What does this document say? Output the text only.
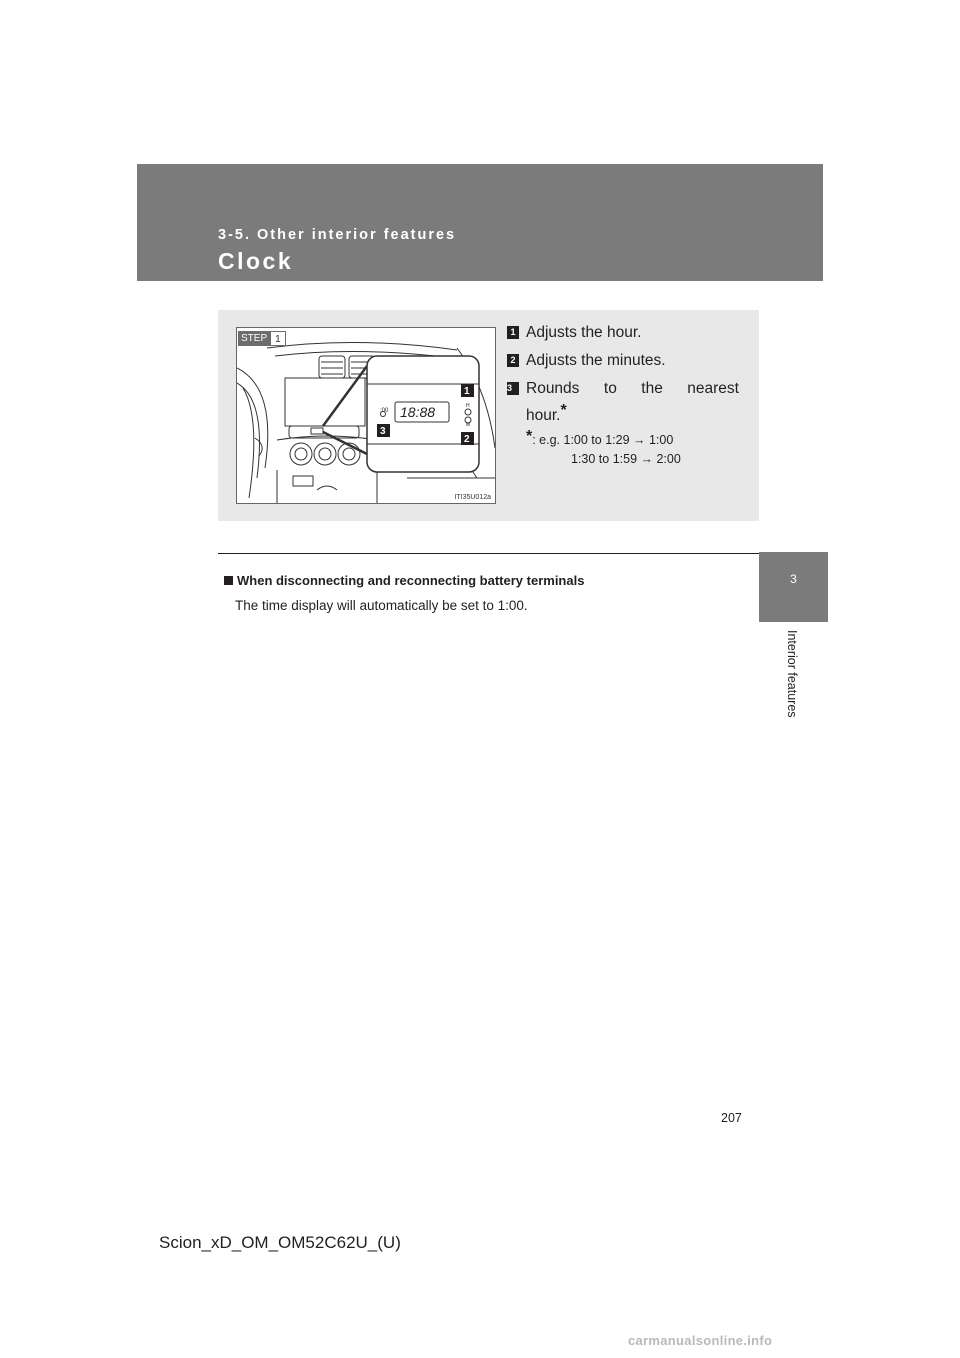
3-5. Other interior features
Clock
3
Interior features
18:88
:00
H
M
1
2
3
STEP 1
ITI35U012a
1 Adjusts the hour.
2 Adjusts the minutes.
3 Rounds to the nearest
hour.*
*: e.g. 1:00 to 1:29 → 1:00
1:30 to 1:59 → 2:00
When disconnecting and reconnecting battery terminals
The time display will automatically be set to 1:00.
207
Scion_xD_OM_OM52C62U_(U)
carmanualsonline.info
